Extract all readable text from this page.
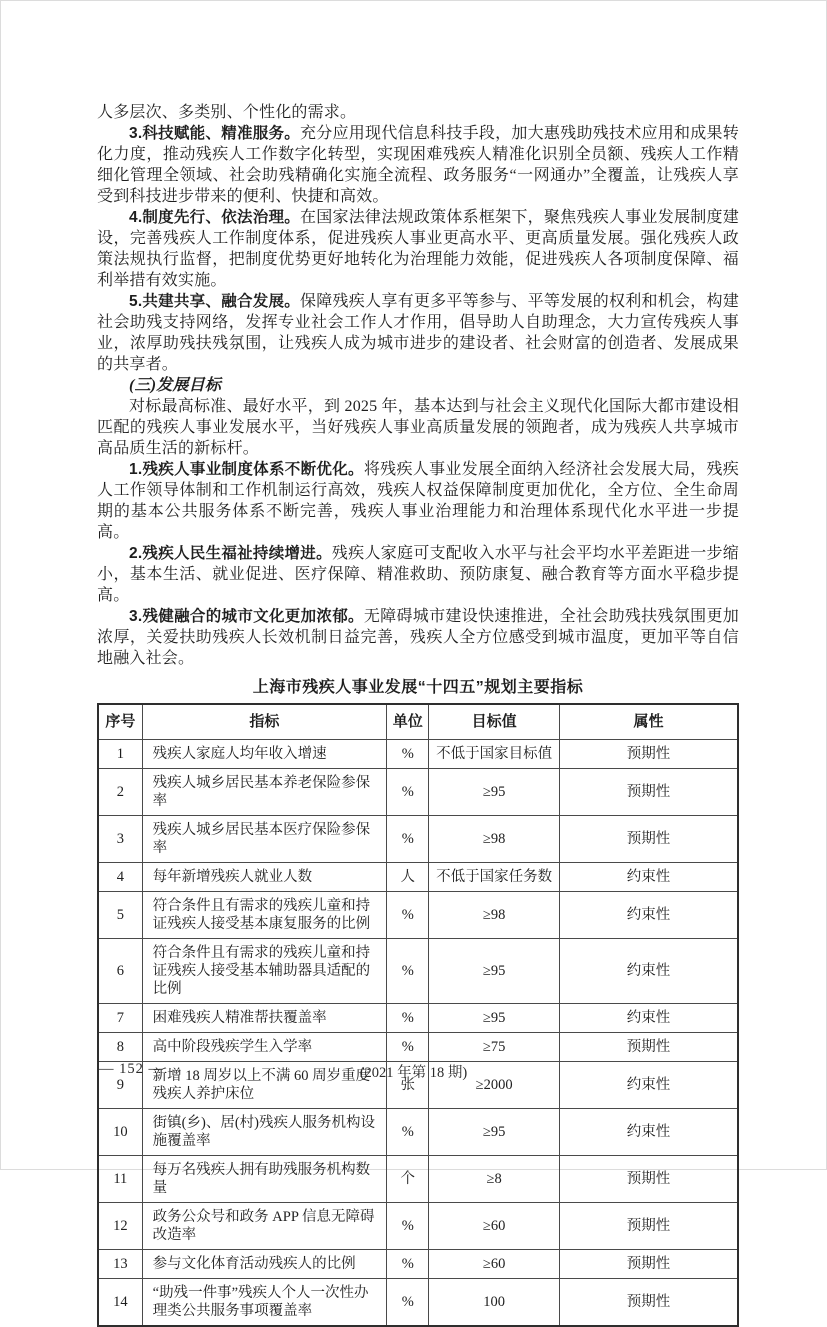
人多层次、多类别、个性化的需求。

3.科技赋能、精准服务。充分应用现代信息科技手段，加大惠残助残技术应用和成果转化力度，推动残疾人工作数字化转型，实现困难残疾人精准化识别全员额、残疾人工作精细化管理全领域、社会助残精确化实施全流程、政务服务“一网通办”全覆盖，让残疾人享受到科技进步带来的便利、快捷和高效。

4.制度先行、依法治理。在国家法律法规政策体系框架下，聚焦残疾人事业发展制度建设，完善残疾人工作制度体系，促进残疾人事业更高水平、更高质量发展。强化残疾人政策法规执行监督，把制度优势更好地转化为治理能力效能，促进残疾人各项制度保障、福利举措有效实施。

5.共建共享、融合发展。保障残疾人享有更多平等参与、平等发展的权利和机会，构建社会助残支持网络，发挥专业社会工作人才作用，倡导助人自助理念，大力宣传残疾人事业，浓厚助残扶残氛围，让残疾人成为城市进步的建设者、社会财富的创造者、发展成果的共享者。

(三)发展目标

对标最高标准、最好水平，到 2025 年，基本达到与社会主义现代化国际大都市建设相匹配的残疾人事业发展水平，当好残疾人事业高质量发展的领跑者，成为残疾人共享城市高品质生活的新标杆。

1.残疾人事业制度体系不断优化。将残疾人事业发展全面纳入经济社会发展大局，残疾人工作领导体制和工作机制运行高效，残疾人权益保障制度更加优化，全方位、全生命周期的基本公共服务体系不断完善，残疾人事业治理能力和治理体系现代化水平进一步提高。

2.残疾人民生福祉持续增进。残疾人家庭可支配收入水平与社会平均水平差距进一步缩小，基本生活、就业促进、医疗保障、精准救助、预防康复、融合教育等方面水平稳步提高。

3.残健融合的城市文化更加浓郁。无障碍城市建设快速推进，全社会助残扶残氛围更加浓厚，关爱扶助残疾人长效机制日益完善，残疾人全方位感受到城市温度，更加平等自信地融入社会。

上海市残疾人事业发展“十四五”规划主要指标
序号	指标	单位	目标值	属性
1	残疾人家庭人均年收入增速	%	不低于国家目标值	预期性
2	残疾人城乡居民基本养老保险参保率	%	≥95	预期性
3	残疾人城乡居民基本医疗保险参保率	%	≥98	预期性
4	每年新增残疾人就业人数	人	不低于国家任务数	约束性
5	符合条件且有需求的残疾儿童和持证残疾人接受基本康复服务的比例	%	≥98	约束性
6	符合条件且有需求的残疾儿童和持证残疾人接受基本辅助器具适配的比例	%	≥95	约束性
7	困难残疾人精准帮扶覆盖率	%	≥95	约束性
8	高中阶段残疾学生入学率	%	≥75	预期性
9	新增 18 周岁以上不满 60 周岁重度残疾人养护床位	张	≥2000	约束性
10	街镇(乡)、居(村)残疾人服务机构设施覆盖率	%	≥95	约束性
11	每万名残疾人拥有助残服务机构数量	个	≥8	预期性
12	政务公众号和政务 APP 信息无障碍改造率	%	≥60	预期性
13	参与文化体育活动残疾人的比例	%	≥60	预期性
14	“助残一件事”残疾人个人一次性办理类公共服务事项覆盖率	%	100	预期性
— 152 —	(2021 年第 18 期)
